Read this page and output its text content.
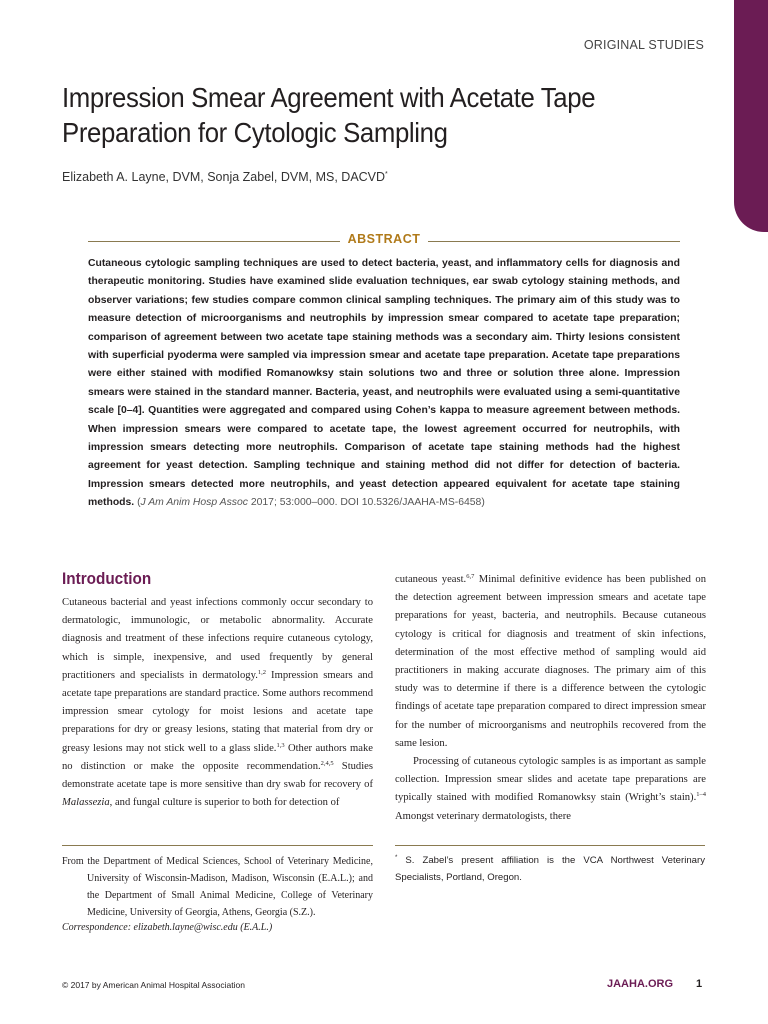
ORIGINAL STUDIES
Impression Smear Agreement with Acetate Tape
Preparation for Cytologic Sampling
Elizabeth A. Layne, DVM, Sonja Zabel, DVM, MS, DACVD*
ABSTRACT

Cutaneous cytologic sampling techniques are used to detect bacteria, yeast, and inflammatory cells for diagnosis and therapeutic monitoring. Studies have examined slide evaluation techniques, ear swab cytology staining methods, and observer variations; few studies compare common clinical sampling techniques. The primary aim of this study was to measure detection of microorganisms and neutrophils by impression smear compared to acetate tape preparation; comparison of agreement between two acetate tape staining methods was a secondary aim. Thirty lesions consistent with superficial pyoderma were sampled via impression smear and acetate tape preparation. Acetate tape preparations were either stained with modified Romanowksy stain solutions two and three or solution three alone. Impression smears were stained in the standard manner. Bacteria, yeast, and neutrophils were evaluated using a semi-quantitative scale [0–4]. Quantities were aggregated and compared using Cohen’s kappa to measure agreement between methods. When impression smears were compared to acetate tape, the lowest agreement occurred for neutrophils, with impression smears detecting more neutrophils. Comparison of acetate tape staining methods had the highest agreement for yeast detection. Sampling technique and staining method did not differ for detection of bacteria. Impression smears detected more neutrophils, and yeast detection appeared equivalent for acetate tape staining methods. (J Am Anim Hosp Assoc 2017; 53:000–000. DOI 10.5326/JAAHA-MS-6458)

Introduction

Cutaneous bacterial and yeast infections commonly occur secondary to dermatologic, immunologic, or metabolic abnormality. Accurate diagnosis and treatment of these infections require cutaneous cytology, which is simple, inexpensive, and used frequently by general practitioners and specialists in dermatology.$^{1,2}$ Impression smears and acetate tape preparations are standard practice. Some authors recommend impression smear cytology for moist lesions and acetate tape preparations for dry or greasy lesions, stating that material from dry or greasy lesions may not stick well to a glass slide.$^{1,3}$ Other authors make no distinction or make the opposite recommendation.$^{2,4,5}$ Studies demonstrate acetate tape is more sensitive than dry swab for recovery of Malassezia, and fungal culture is superior to both for detection of

cutaneous yeast.$^{6,7}$ Minimal definitive evidence has been published on the detection agreement between impression smears and acetate tape preparations for yeast, bacteria, and neutrophils. Because cutaneous cytology is critical for diagnosis and treatment of skin infections, determination of the most effective method of sampling would aid practitioners in making accurate diagnoses. The primary aim of this study was to determine if there is a difference between the cytologic findings of acetate tape preparation compared to direct impression smear for the number of microorganisms and neutrophils recovered from the same lesion.

Processing of cutaneous cytologic samples is as important as sample collection. Impression smear slides and acetate tape preparations are typically stained with modified Romanowksy stain (Wright’s stain).$^{1-4}$ Amongst veterinary dermatologists, there

From the Department of Medical Sciences, School of Veterinary Medicine, University of Wisconsin-Madison, Madison, Wisconsin (E.A.L.); and the Department of Small Animal Medicine, College of Veterinary Medicine, University of Georgia, Athens, Georgia (S.Z.).

Correspondence: elizabeth.layne@wisc.edu (E.A.L.)
* S. Zabel’s present affiliation is the VCA Northwest Veterinary Specialists, Portland, Oregon.
© 2017 by American Animal Hospital Association	JAAHA.ORG 1
